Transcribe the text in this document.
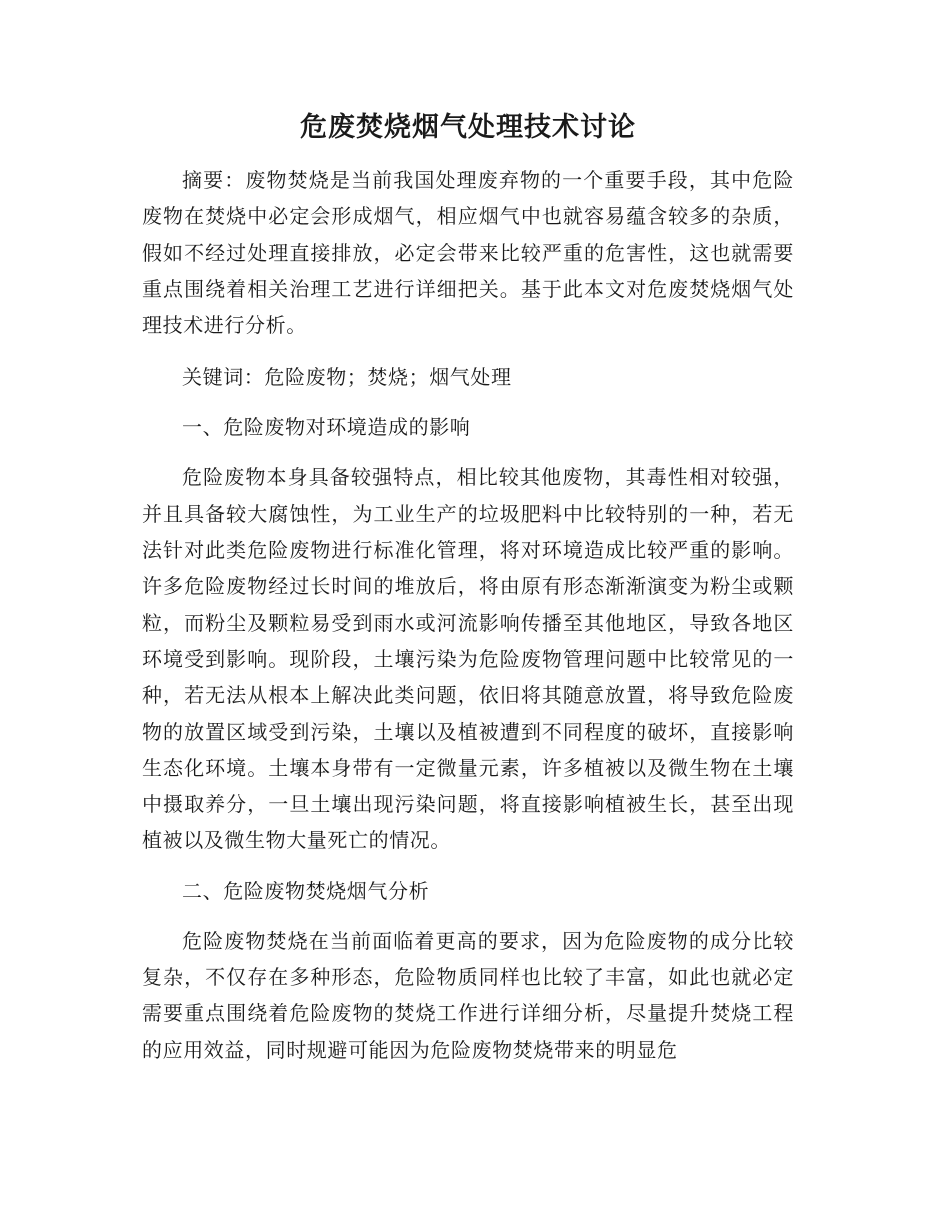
危废焚烧烟气处理技术讨论

摘要：废物焚烧是当前我国处理废弃物的一个重要手段，其中危险废物在焚烧中必定会形成烟气，相应烟气中也就容易蕴含较多的杂质，假如不经过处理直接排放，必定会带来比较严重的危害性，这也就需要重点围绕着相关治理工艺进行详细把关。基于此本文对危废焚烧烟气处理技术进行分析。

关键词：危险废物；焚烧；烟气处理

一、危险废物对环境造成的影响

危险废物本身具备较强特点，相比较其他废物，其毒性相对较强，并且具备较大腐蚀性，为工业生产的垃圾肥料中比较特别的一种，若无法针对此类危险废物进行标准化管理，将对环境造成比较严重的影响。许多危险废物经过长时间的堆放后，将由原有形态渐渐演变为粉尘或颗粒，而粉尘及颗粒易受到雨水或河流影响传播至其他地区，导致各地区环境受到影响。现阶段，土壤污染为危险废物管理问题中比较常见的一种，若无法从根本上解决此类问题，依旧将其随意放置，将导致危险废物的放置区域受到污染，土壤以及植被遭到不同程度的破坏，直接影响生态化环境。土壤本身带有一定微量元素，许多植被以及微生物在土壤中摄取养分，一旦土壤出现污染问题，将直接影响植被生长，甚至出现植被以及微生物大量死亡的情况。

二、危险废物焚烧烟气分析

危险废物焚烧在当前面临着更高的要求，因为危险废物的成分比较复杂，不仅存在多种形态，危险物质同样也比较了丰富，如此也就必定需要重点围绕着危险废物的焚烧工作进行详细分析，尽量提升焚烧工程的应用效益，同时规避可能因为危险废物焚烧带来的明显危
